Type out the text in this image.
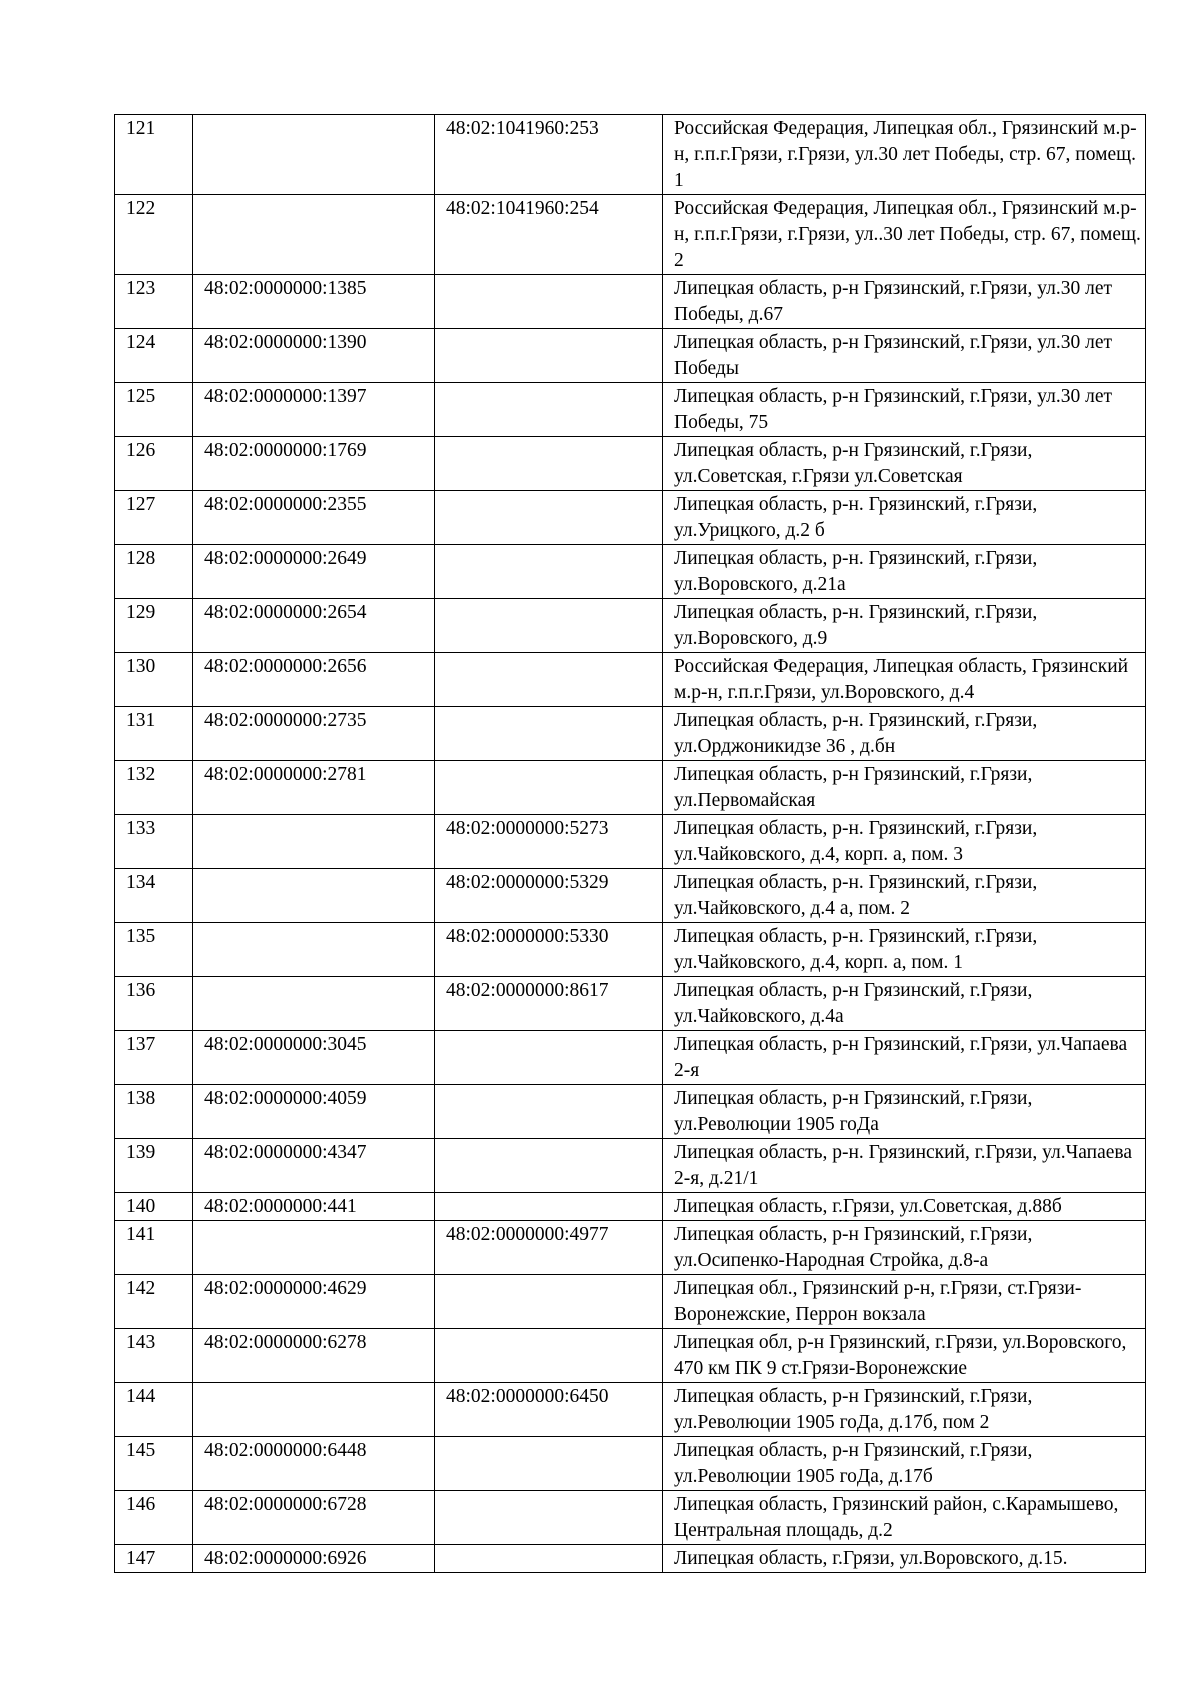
121		48:02:1041960:253	Российская Федерация, Липецкая обл., Грязинский м.р-н, г.п.г.Грязи, г.Грязи, ул.30 лет Победы, стр. 67, помещ. 1
122		48:02:1041960:254	Российская Федерация, Липецкая обл., Грязинский м.р-н, г.п.г.Грязи, г.Грязи, ул..30 лет Победы, стр. 67, помещ. 2
123	48:02:0000000:1385		Липецкая область, р-н Грязинский, г.Грязи, ул.30 лет Победы, д.67
124	48:02:0000000:1390		Липецкая область, р-н Грязинский, г.Грязи, ул.30 лет Победы
125	48:02:0000000:1397		Липецкая область, р-н Грязинский, г.Грязи, ул.30 лет Победы, 75
126	48:02:0000000:1769		Липецкая область, р-н Грязинский, г.Грязи, ул.Советская, г.Грязи ул.Советская
127	48:02:0000000:2355		Липецкая область, р-н. Грязинский, г.Грязи, ул.Урицкого, д.2 б
128	48:02:0000000:2649		Липецкая область, р-н. Грязинский, г.Грязи, ул.Воровского, д.21а
129	48:02:0000000:2654		Липецкая область, р-н. Грязинский, г.Грязи, ул.Воровского, д.9
130	48:02:0000000:2656		Российская Федерация, Липецкая область, Грязинский м.р-н, г.п.г.Грязи, ул.Воровского, д.4
131	48:02:0000000:2735		Липецкая область, р-н. Грязинский, г.Грязи, ул.Орджоникидзе 36 , д.бн
132	48:02:0000000:2781		Липецкая область, р-н Грязинский, г.Грязи, ул.Первомайская
133		48:02:0000000:5273	Липецкая область, р-н. Грязинский, г.Грязи, ул.Чайковского, д.4, корп. а, пом. 3
134		48:02:0000000:5329	Липецкая область, р-н. Грязинский, г.Грязи, ул.Чайковского, д.4 а, пом. 2
135		48:02:0000000:5330	Липецкая область, р-н. Грязинский, г.Грязи, ул.Чайковского, д.4, корп. а, пом. 1
136		48:02:0000000:8617	Липецкая область, р-н Грязинский, г.Грязи, ул.Чайковского, д.4а
137	48:02:0000000:3045		Липецкая область, р-н Грязинский, г.Грязи, ул.Чапаева 2-я
138	48:02:0000000:4059		Липецкая область, р-н Грязинский, г.Грязи, ул.Революции 1905 гоДа
139	48:02:0000000:4347		Липецкая область, р-н. Грязинский, г.Грязи, ул.Чапаева 2-я, д.21/1
140	48:02:0000000:441		Липецкая область, г.Грязи, ул.Советская, д.88б
141		48:02:0000000:4977	Липецкая область, р-н Грязинский, г.Грязи, ул.Осипенко-Народная Стройка, д.8-а
142	48:02:0000000:4629		Липецкая обл., Грязинский р-н, г.Грязи, ст.Грязи-Воронежские, Перрон вокзала
143	48:02:0000000:6278		Липецкая обл, р-н Грязинский, г.Грязи, ул.Воровского, 470 км ПК 9 ст.Грязи-Воронежские
144		48:02:0000000:6450	Липецкая область, р-н Грязинский, г.Грязи, ул.Революции 1905 гоДа, д.17б, пом 2
145	48:02:0000000:6448		Липецкая область, р-н Грязинский, г.Грязи, ул.Революции 1905 гоДа, д.17б
146	48:02:0000000:6728		Липецкая область, Грязинский район, с.Карамышево, Центральная площадь, д.2
147	48:02:0000000:6926		Липецкая область, г.Грязи, ул.Воровского, д.15.
